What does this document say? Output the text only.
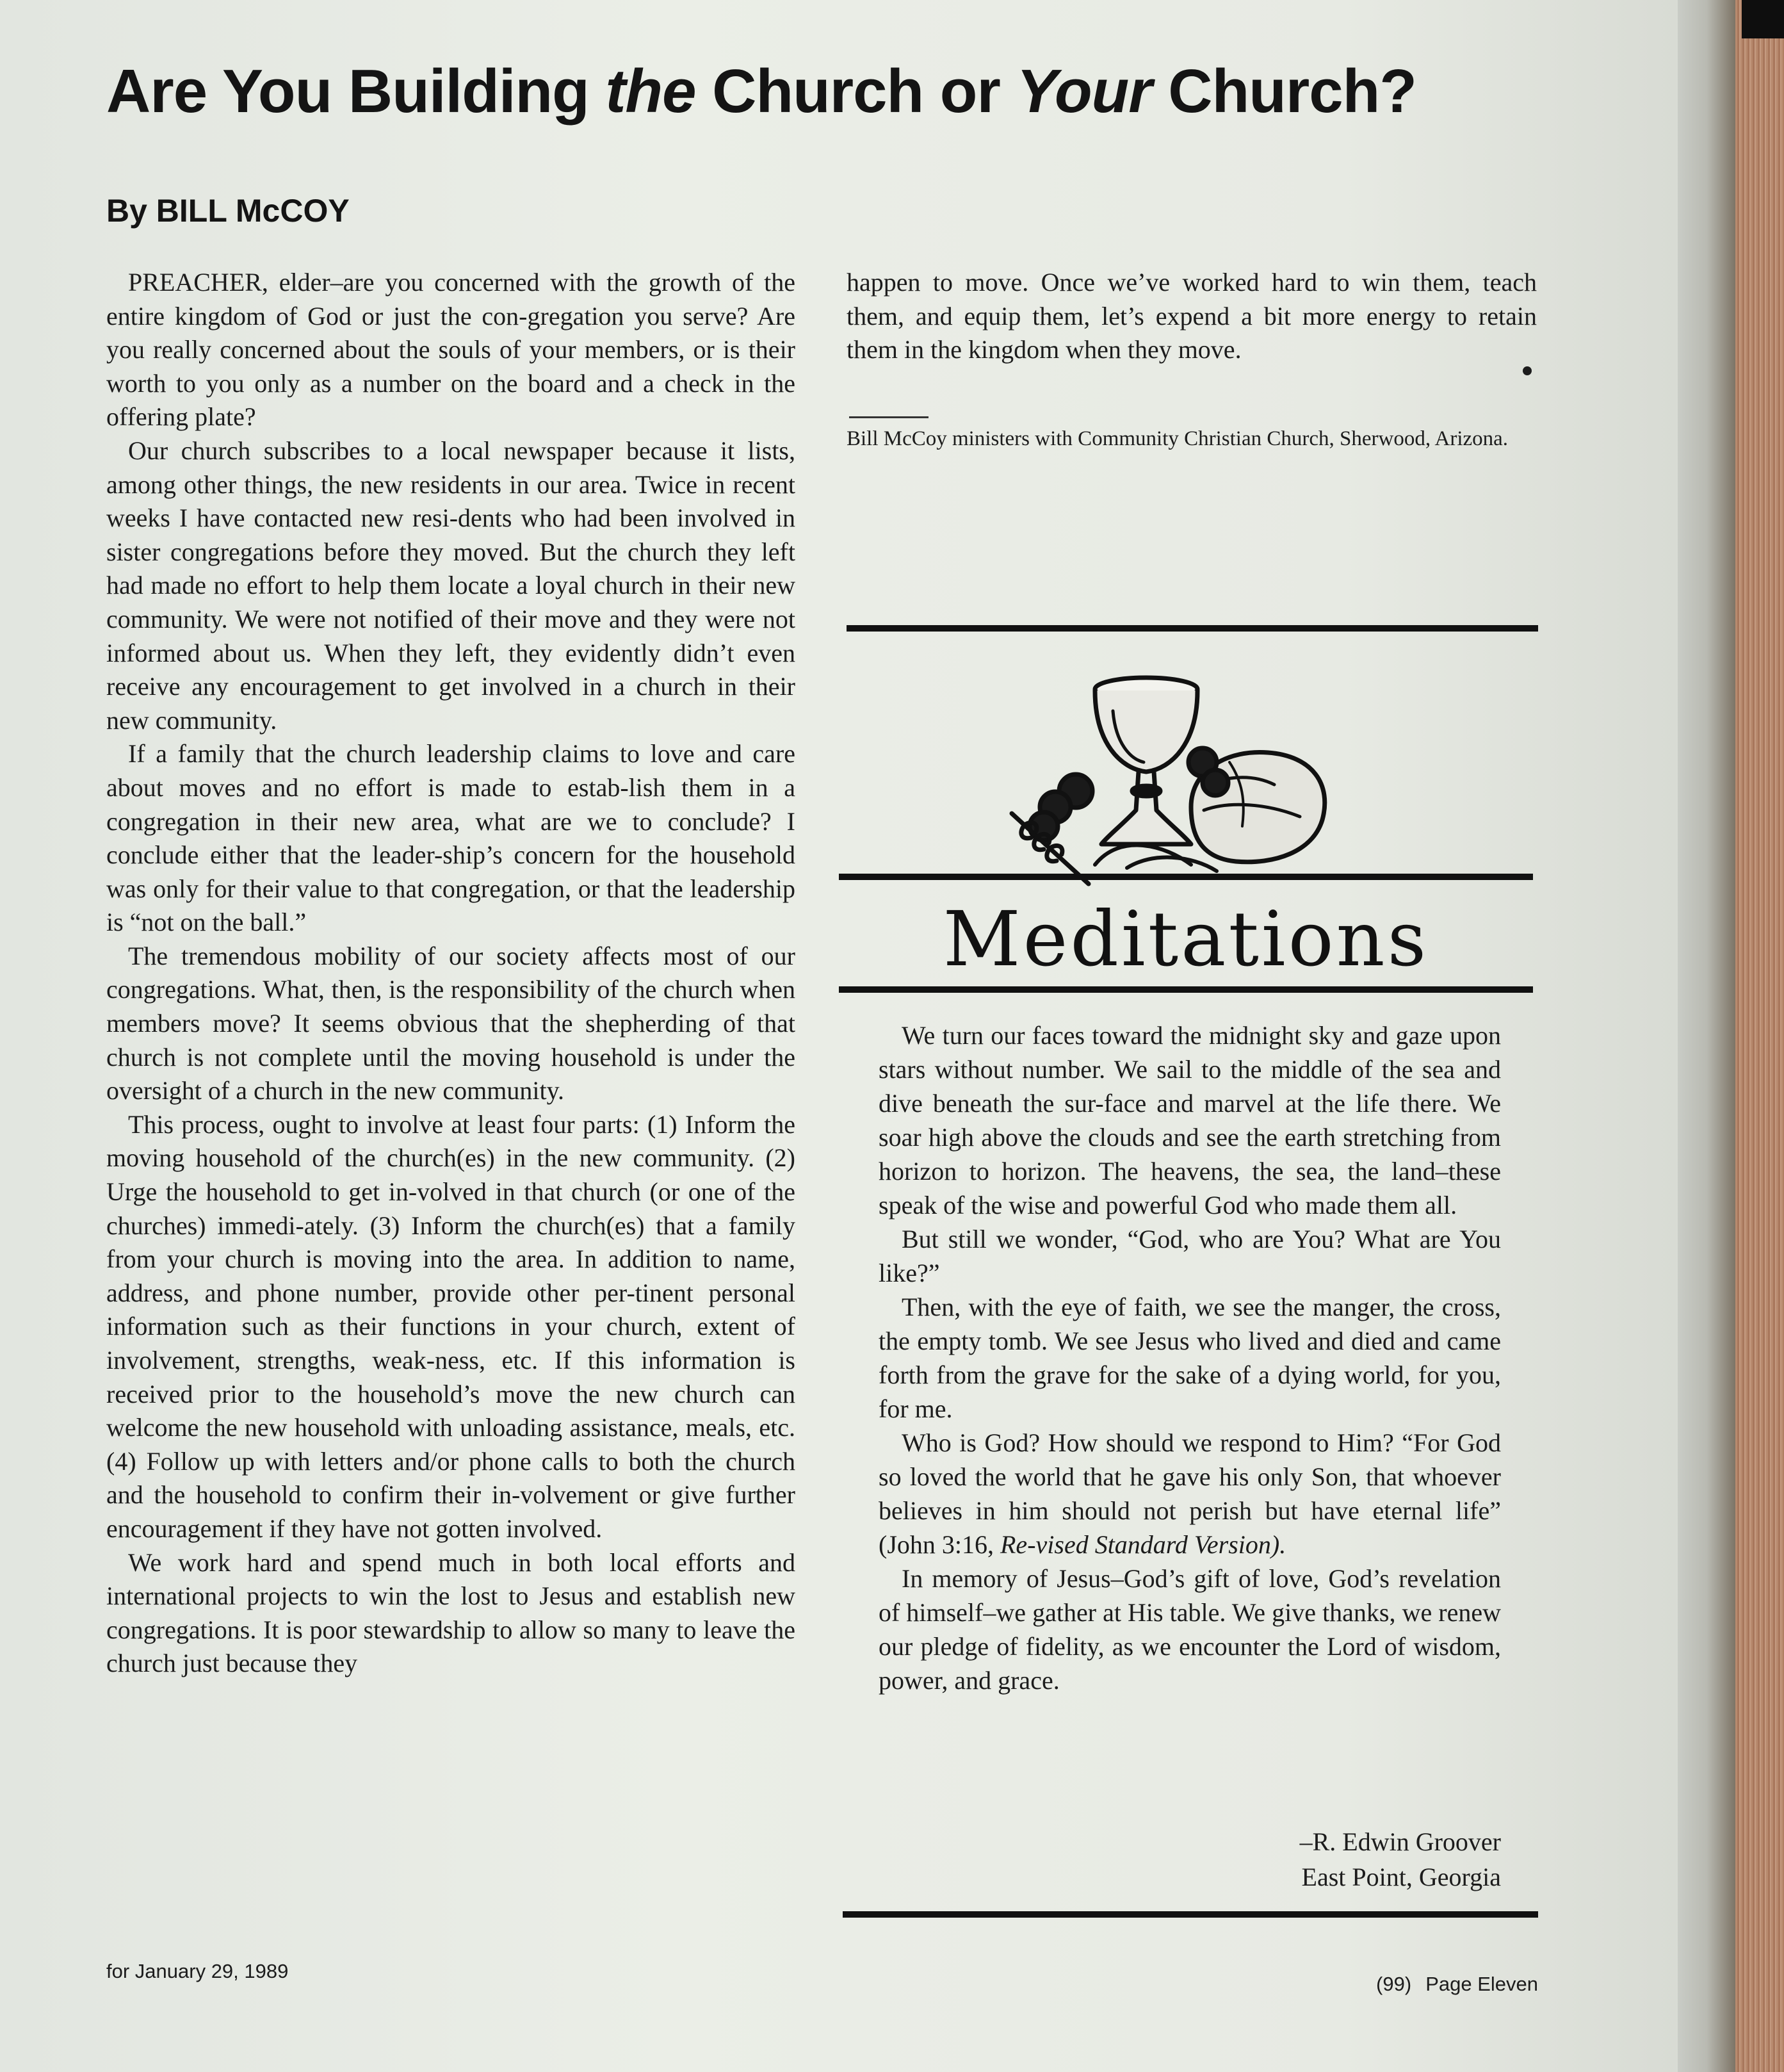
Are You Building the Church or Your Church?
By BILL McCOY

PREACHER, elder–are you concerned with the growth of the entire kingdom of God or just the con-gregation you serve? Are you really concerned about the souls of your members, or is their worth to you only as a number on the board and a check in the offering plate?

Our church subscribes to a local newspaper because it lists, among other things, the new residents in our area. Twice in recent weeks I have contacted new resi-dents who had been involved in sister congregations before they moved. But the church they left had made no effort to help them locate a loyal church in their new community. We were not notified of their move and they were not informed about us. When they left, they evidently didn’t even receive any encouragement to get involved in a church in their new community.

If a family that the church leadership claims to love and care about moves and no effort is made to estab-lish them in a congregation in their new area, what are we to conclude? I conclude either that the leader-ship’s concern for the household was only for their value to that congregation, or that the leadership is “not on the ball.”

The tremendous mobility of our society affects most of our congregations. What, then, is the responsibility of the church when members move? It seems obvious that the shepherding of that church is not complete until the moving household is under the oversight of a church in the new community.

This process, ought to involve at least four parts: (1) Inform the moving household of the church(es) in the new community. (2) Urge the household to get in-volved in that church (or one of the churches) immedi-ately. (3) Inform the church(es) that a family from your church is moving into the area. In addition to name, address, and phone number, provide other per-tinent personal information such as their functions in your church, extent of involvement, strengths, weak-ness, etc. If this information is received prior to the household’s move the new church can welcome the new household with unloading assistance, meals, etc. (4) Follow up with letters and/or phone calls to both the church and the household to confirm their in-volvement or give further encouragement if they have not gotten involved.

We work hard and spend much in both local efforts and international projects to win the lost to Jesus and establish new congregations. It is poor stewardship to allow so many to leave the church just because they

happen to move. Once we’ve worked hard to win them, teach them, and equip them, let’s expend a bit more energy to retain them in the kingdom when they move.

Bill McCoy ministers with Community Christian Church, Sherwood, Arizona.
Meditations

We turn our faces toward the midnight sky and gaze upon stars without number. We sail to the middle of the sea and dive beneath the sur-face and marvel at the life there. We soar high above the clouds and see the earth stretching from horizon to horizon. The heavens, the sea, the land–these speak of the wise and powerful God who made them all.

But still we wonder, “God, who are You? What are You like?”

Then, with the eye of faith, we see the manger, the cross, the empty tomb. We see Jesus who lived and died and came forth from the grave for the sake of a dying world, for you, for me.

Who is God? How should we respond to Him? “For God so loved the world that he gave his only Son, that whoever believes in him should not perish but have eternal life” (John 3:16, Re-vised Standard Version).

In memory of Jesus–God’s gift of love, God’s revelation of himself–we gather at His table. We give thanks, we renew our pledge of fidelity, as we encounter the Lord of wisdom, power, and grace.

–R. Edwin Groover
East Point, Georgia
for January 29, 1989
(99) Page Eleven
